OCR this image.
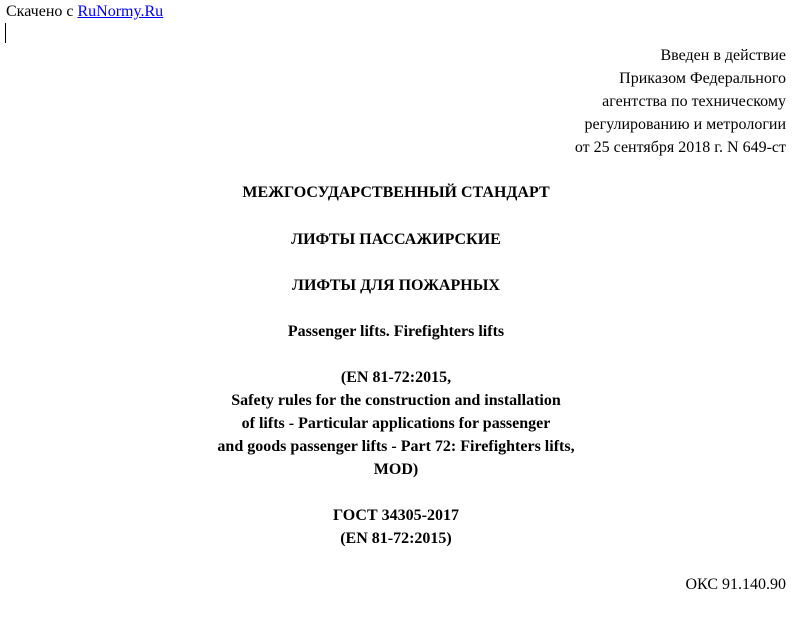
Скачено с RuNormy.Ru
Введен в действие
Приказом Федерального
агентства по техническому
регулированию и метрологии
от 25 сентября 2018 г. N 649-ст
МЕЖГОСУДАРСТВЕННЫЙ СТАНДАРТ
ЛИФТЫ ПАССАЖИРСКИЕ
ЛИФТЫ ДЛЯ ПОЖАРНЫХ
Passenger lifts. Firefighters lifts
(EN 81-72:2015,
Safety rules for the construction and installation
of lifts - Particular applications for passenger
and goods passenger lifts - Part 72: Firefighters lifts,
MOD)
ГОСТ 34305-2017
(EN 81-72:2015)
ОКС 91.140.90
